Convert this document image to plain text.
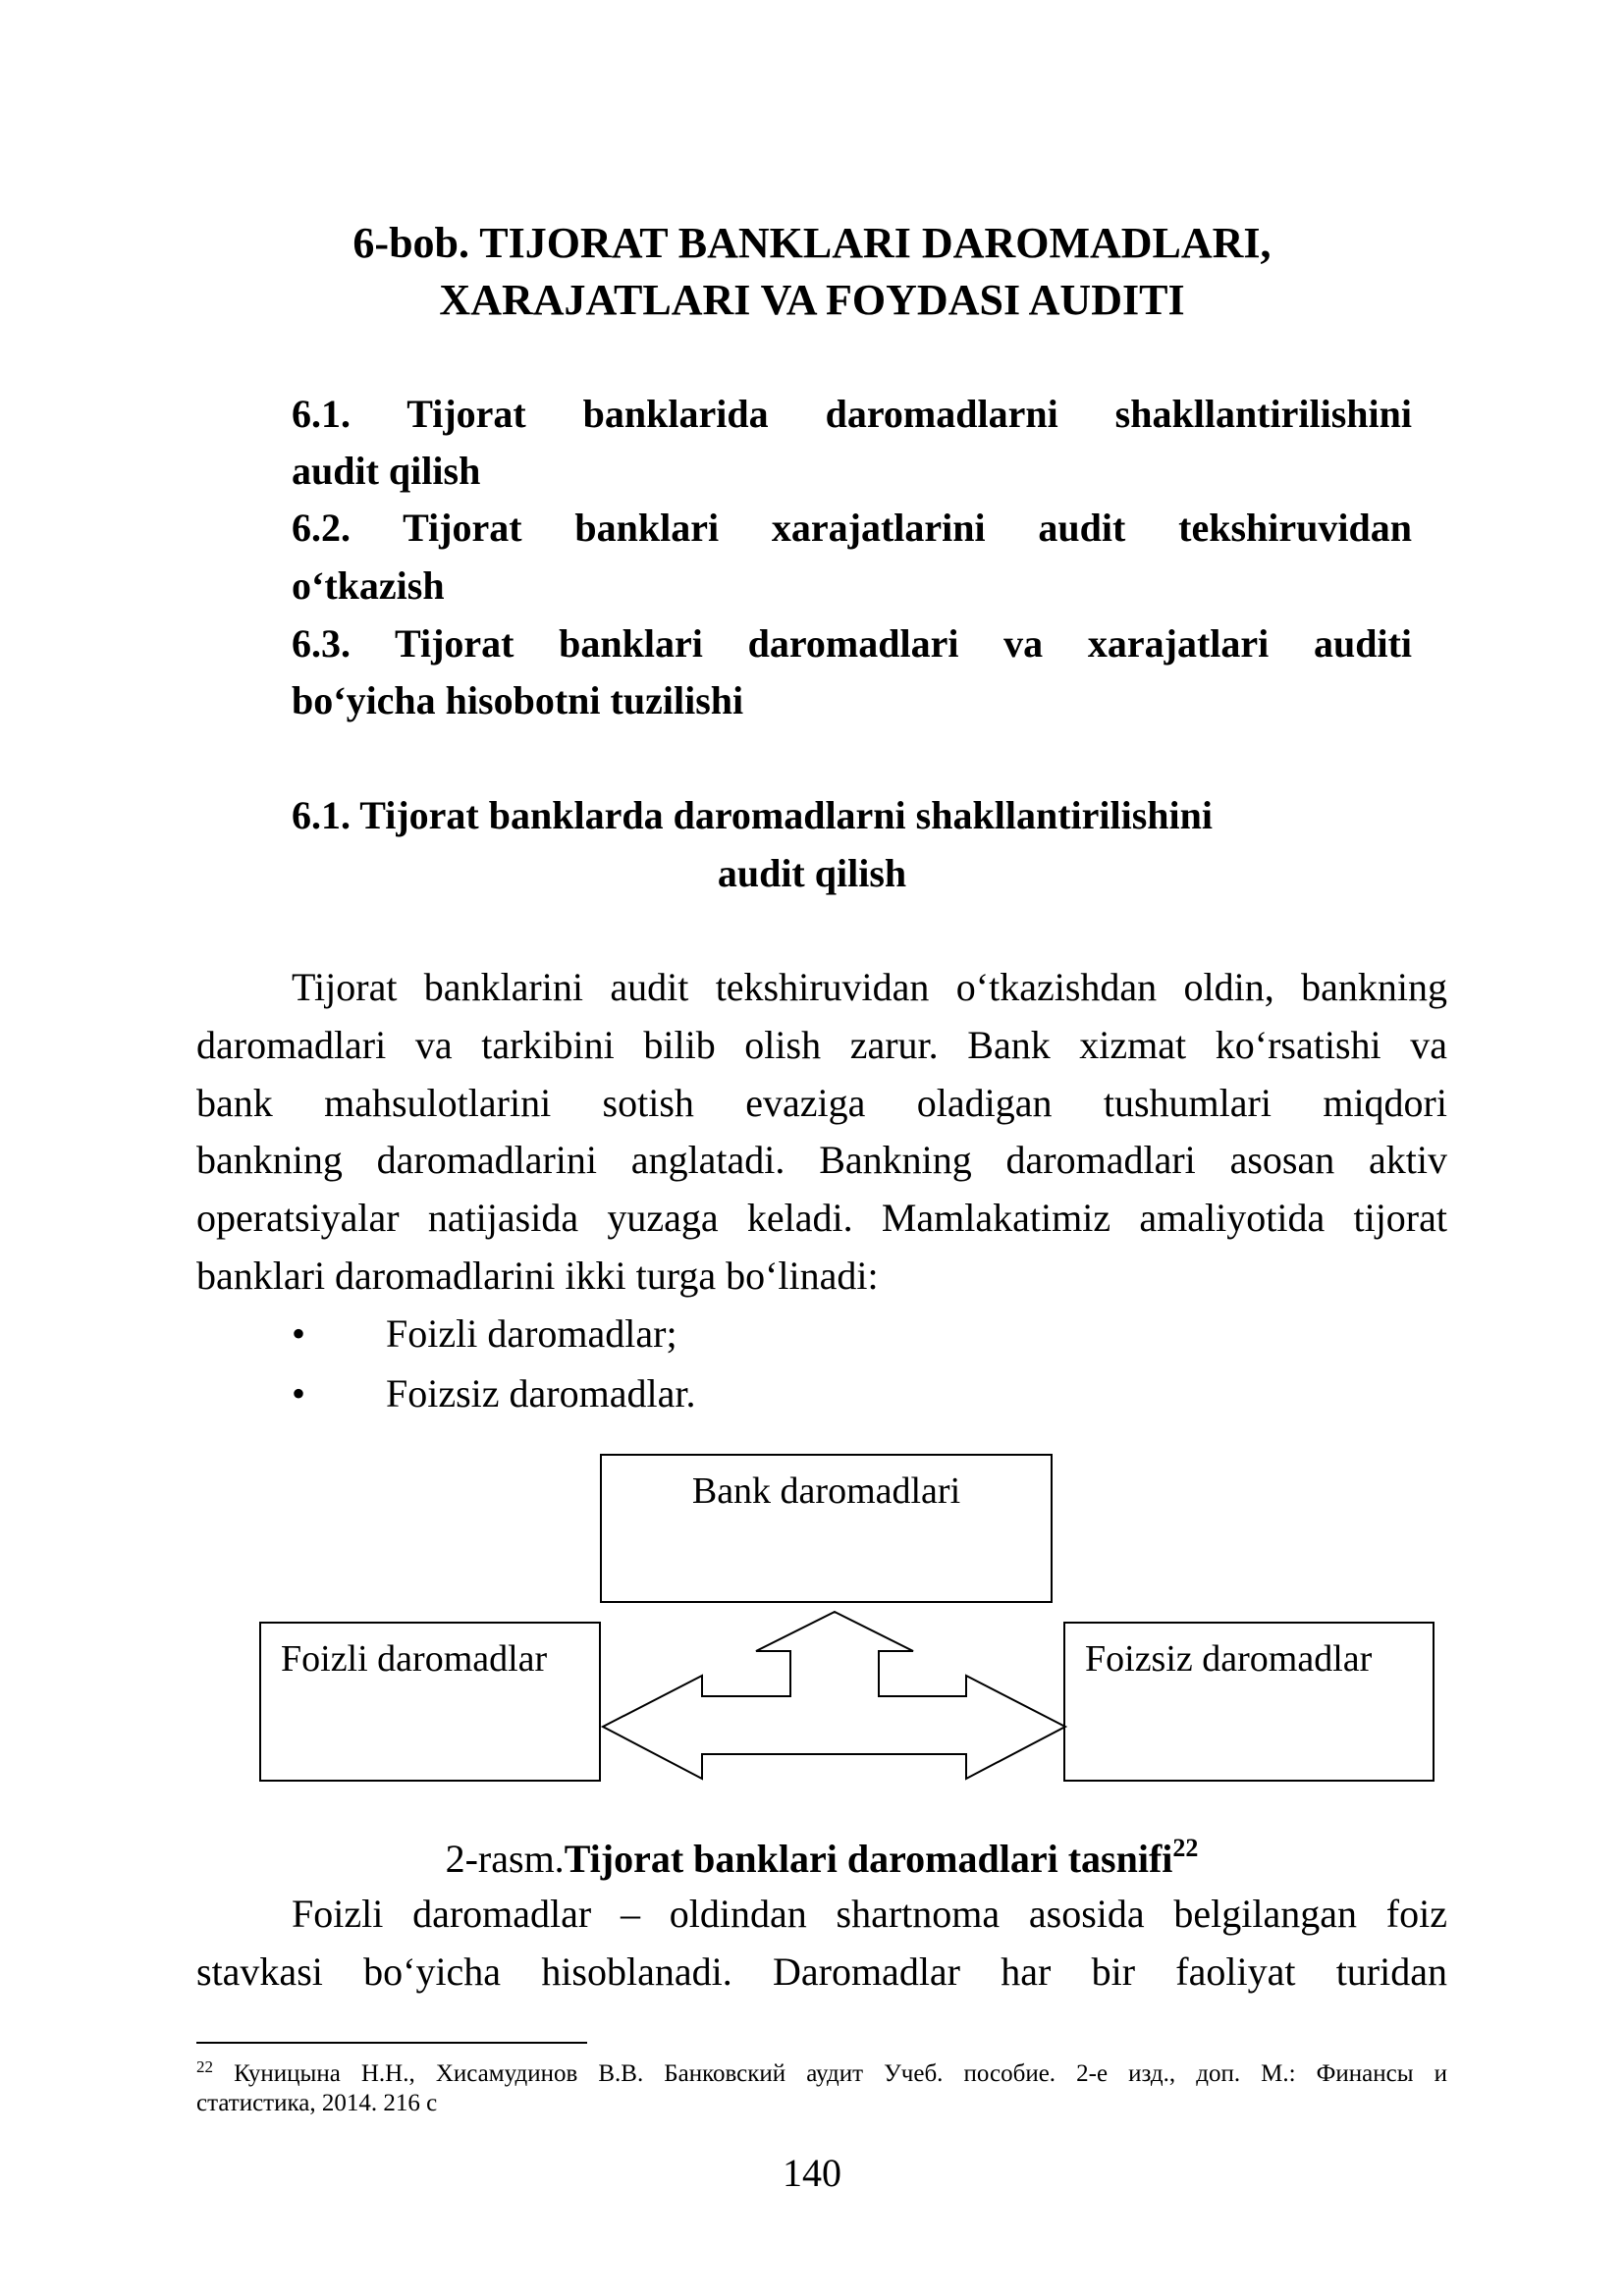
6-bob. TIJORAT BANKLARI DAROMADLARI,
XARAJATLARI VA FOYDASI AUDITI
6.1. Tijorat banklarida daromadlarni shakllantirilishini
audit qilish
6.2. Tijorat banklari xarajatlarini audit tekshiruvidan
o‘tkazish
6.3. Tijorat banklari daromadlari va xarajatlari auditi
bo‘yicha hisobotni tuzilishi
6.1. Tijorat banklarda daromadlarni shakllantirilishini
audit qilish
Tijorat banklarini audit tekshiruvidan o‘tkazishdan oldin, bankning
daromadlari va tarkibini bilib olish zarur. Bank xizmat ko‘rsatishi va
bank mahsulotlarini sotish evaziga oladigan tushumlari miqdori
bankning daromadlarini anglatadi. Bankning daromadlari asosan aktiv
operatsiyalar natijasida yuzaga keladi. Mamlakatimiz amaliyotida tijorat
banklari daromadlarini ikki turga bo‘linadi:
• Foizli daromadlar;
• Foizsiz daromadlar.
Bank daromadlari
Foizli daromadlar	Foizsiz daromadlar
2-rasm.Tijorat banklari daromadlari tasnifi$^{22}$
Foizli daromadlar – oldindan shartnoma asosida belgilangan foiz
stavkasi bo‘yicha hisoblanadi. Daromadlar har bir faoliyat turidan
$^{22}$ Куницына Н.Н., Хисамудинов В.В. Банковский аудит Учеб. пособие. 2-е изд., доп. М.: Финансы и
статистика, 2014. 216 с
140
